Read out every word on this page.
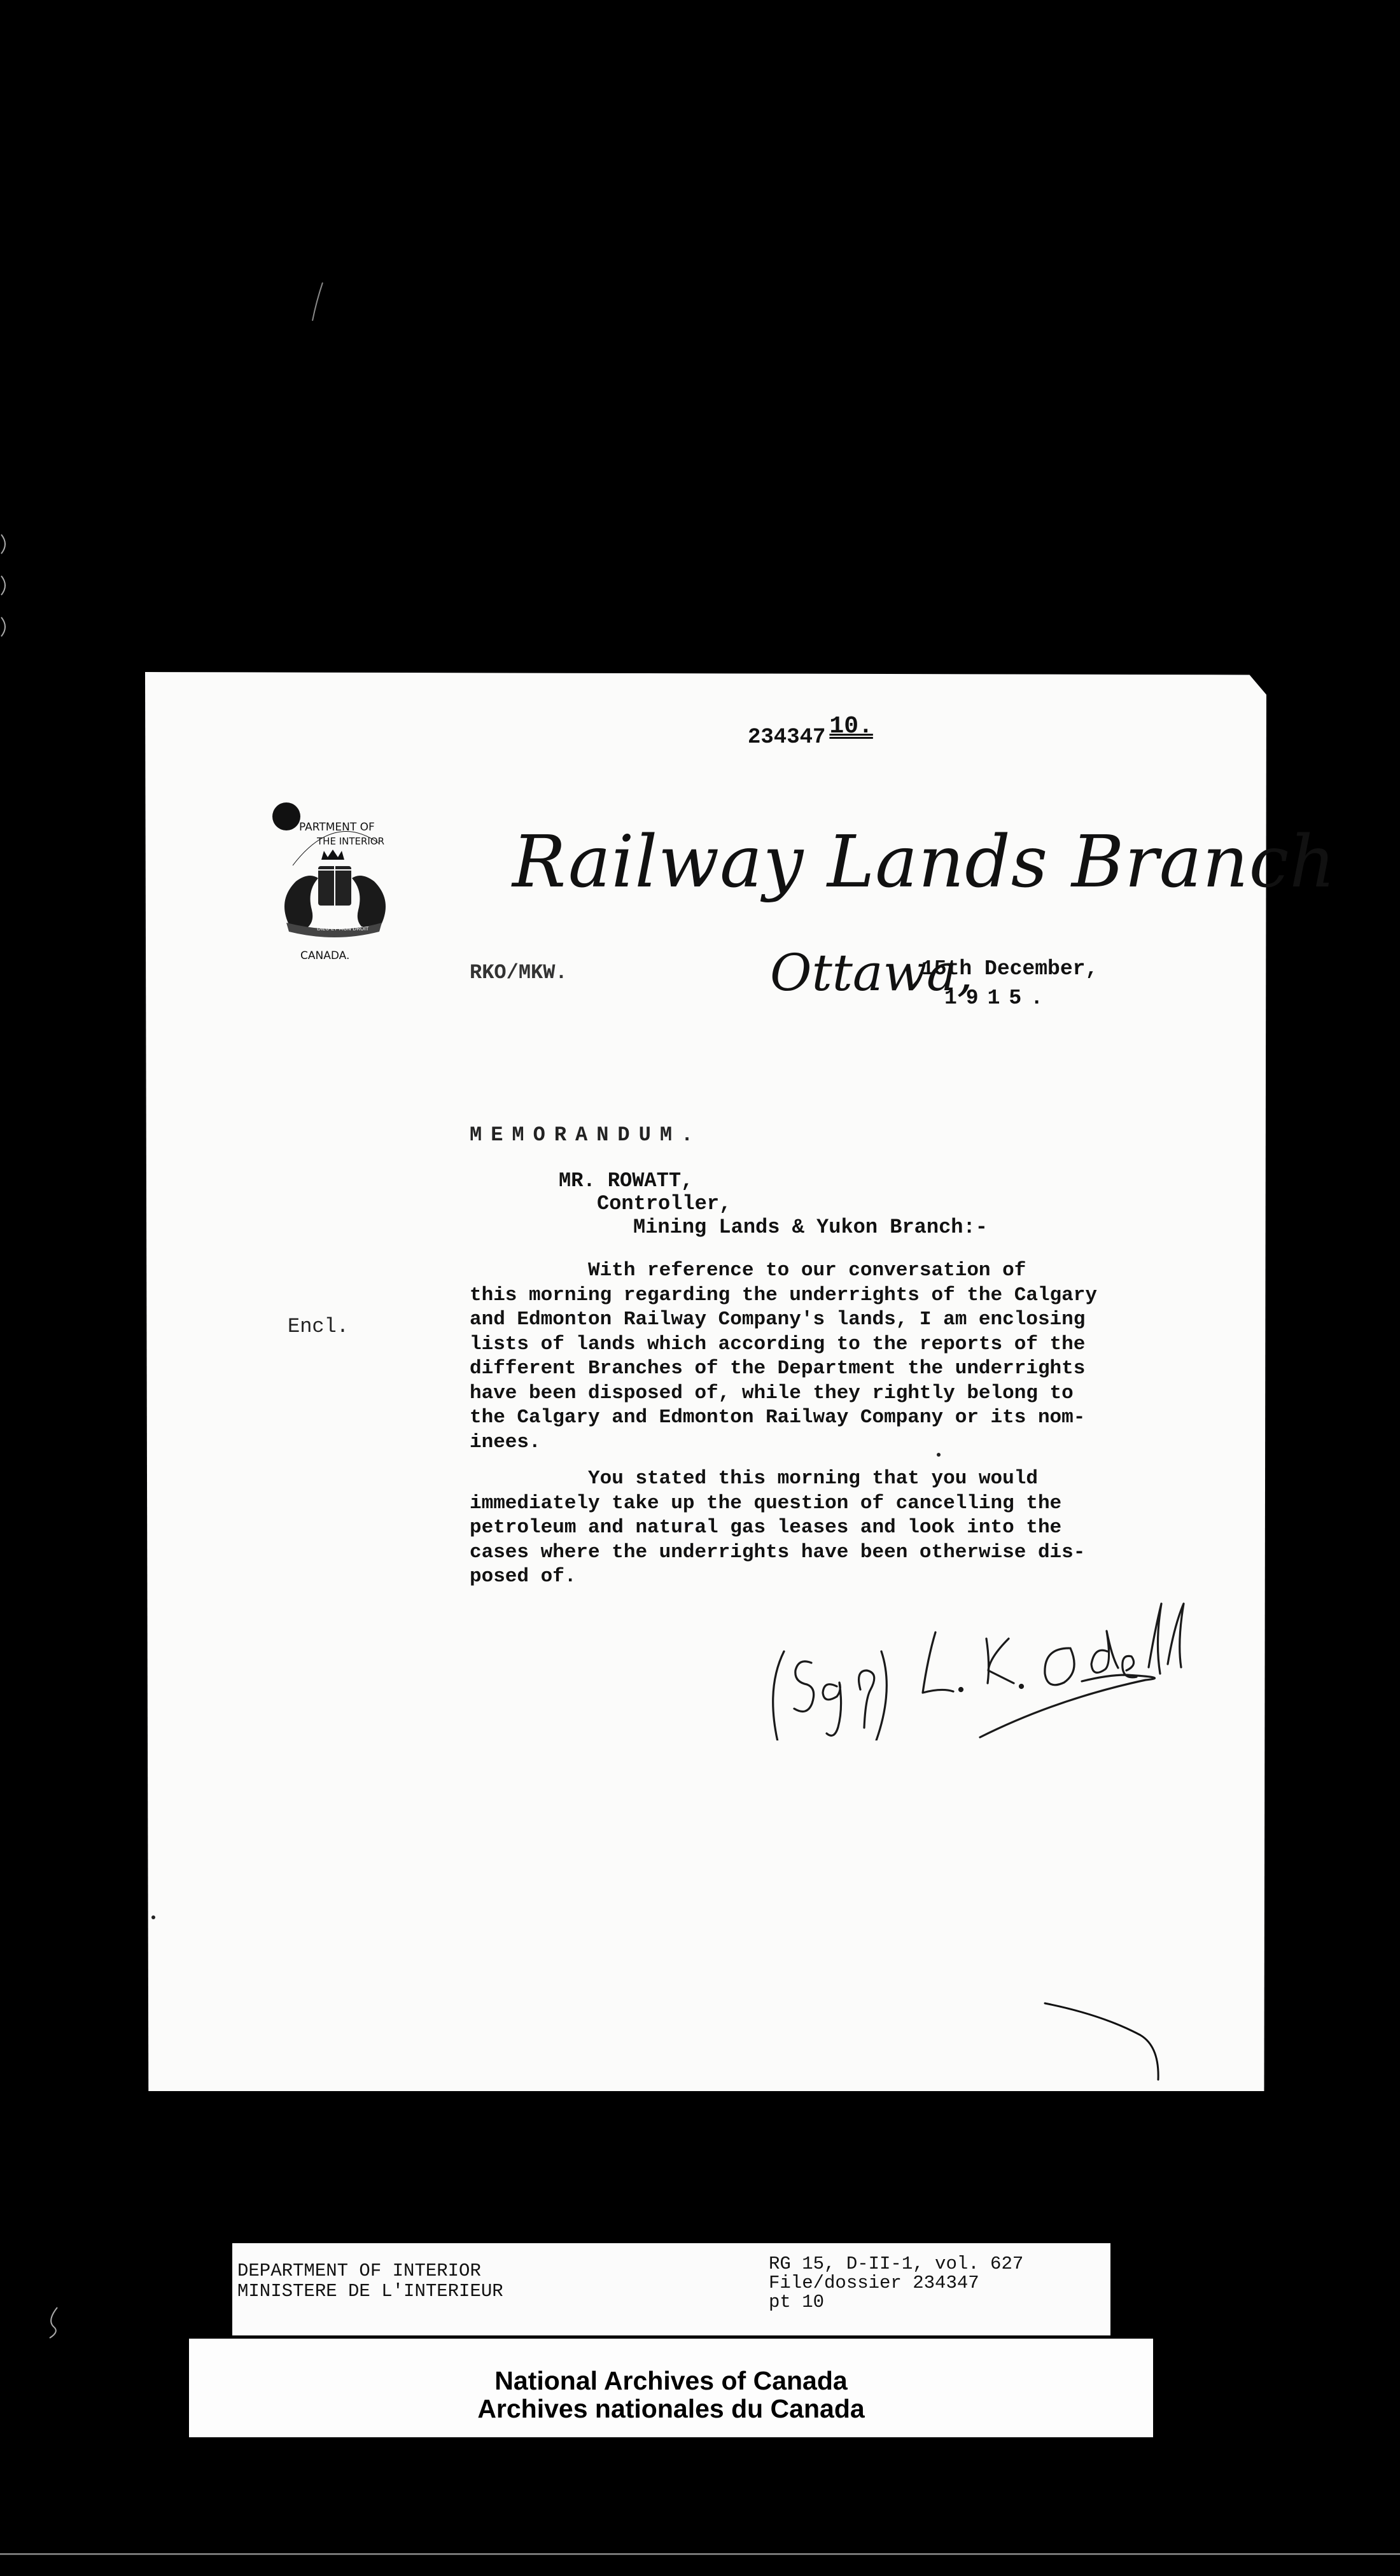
234347 10.
PARTMENT OF
THE INTERIOR
DIEU ET MON DROIT
CANADA.
Railway Lands Branch
RKO/MKW.	Ottawa,
15th December,
1915.
MEMORANDUM.
MR. ROWATT,
Controller,
Mining Lands & Yukon Branch:-
Encl.
With reference to our conversation of
this morning regarding the underrights of the Calgary
and Edmonton Railway Company's lands, I am enclosing
lists of lands which according to the reports of the
different Branches of the Department the underrights
have been disposed of, while they rightly belong to
the Calgary and Edmonton Railway Company or its nom-
inees.
You stated this morning that you would
immediately take up the question of cancelling the
petroleum and natural gas leases and look into the
cases where the underrights have been otherwise dis-
posed of.
DEPARTMENT OF INTERIOR
MINISTERE DE L'INTERIEUR
RG 15, D-II-1, vol. 627
File/dossier 234347
pt 10
National Archives of Canada
Archives nationales du Canada
